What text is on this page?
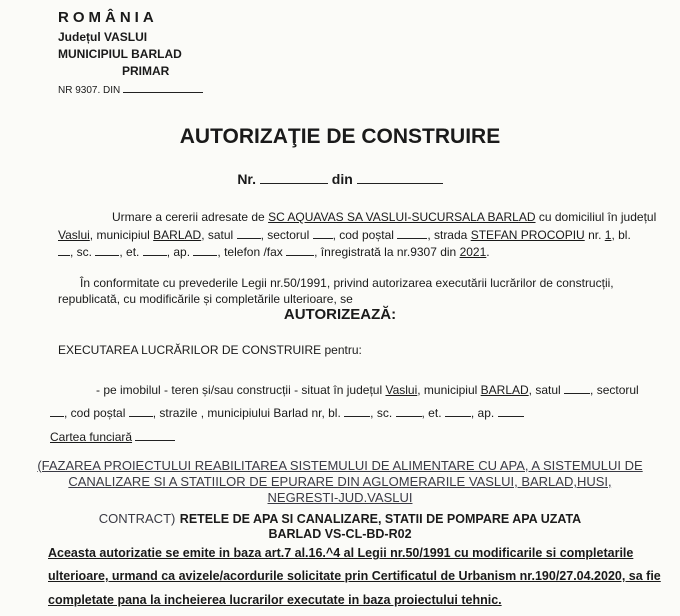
ROMÂNIA
Județul VASLUI
MUNICIPIUL BARLAD
PRIMAR
NR 9307. DIN
AUTORIZAŢIE DE CONSTRUIRE
Nr.	din
Urmare a cererii adresate de SC AQUAVAS SA VASLUI-SUCURSALA BARLAD cu domiciliul în județul
Vaslui, municipiul BARLAD, satul , sectorul , cod poștal	, strada STEFAN PROCOPIU nr. 1, bl.
, sc. , et. , ap. , telefon /fax	, înregistrată la nr.9307 din 2021.
În conformitate cu prevederile Legii nr.50/1991, privind autorizarea executării lucrărilor de construcții,
republicată, cu modificările și completările ulterioare, se
AUTORIZEAZĂ:
EXECUTAREA LUCRĂRILOR DE CONSTRUIRE pentru:
- pe imobilul - teren și/sau construcții - situat în județul Vaslui, municipiul BARLAD, satul , sectorul
, cod poștal , strazile , municipiului Barlad nr, bl. , sc. , et. , ap.
Cartea funciară
(FAZAREA PROIECTULUI REABILITAREA SISTEMULUI DE ALIMENTARE CU APA, A SISTEMULUI DE
CANALIZARE SI A STATIILOR DE EPURARE DIN AGLOMERARILE VASLUI, BARLAD,HUSI,
NEGRESTI-JUD.VASLUI
CONTRACT) RETELE DE APA SI CANALIZARE, STATII DE POMPARE APA UZATA
BARLAD VS-CL-BD-R02
Aceasta autorizatie se emite in baza art.7 al.16.^4 al Legii nr.50/1991 cu modificarile si completarile
ulterioare, urmand ca avizele/acordurile solicitate prin Certificatul de Urbanism nr.190/27.04.2020, sa fie
completate pana la incheierea lucrarilor executate in baza proiectului tehnic.
